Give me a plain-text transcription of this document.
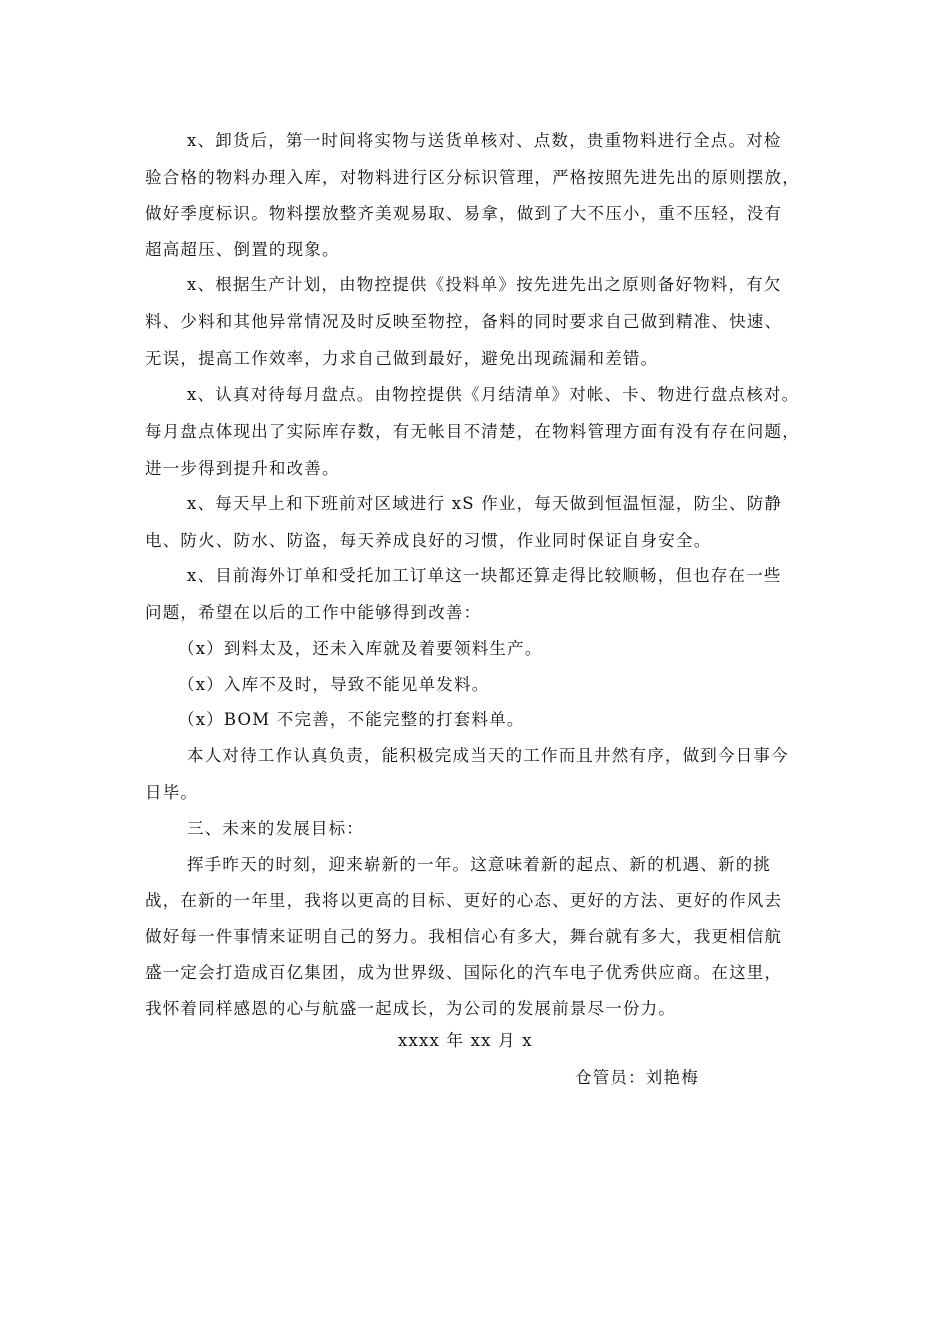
x、卸货后，第一时间将实物与送货单核对、点数，贵重物料进行全点。对检
验合格的物料办理入库，对物料进行区分标识管理，严格按照先进先出的原则摆放，
做好季度标识。物料摆放整齐美观易取、易拿，做到了大不压小，重不压轻，没有
超高超压、倒置的现象。
x、根据生产计划，由物控提供《投料单》按先进先出之原则备好物料，有欠
料、少料和其他异常情况及时反映至物控，备料的同时要求自己做到精准、快速、
无误，提高工作效率，力求自己做到最好，避免出现疏漏和差错。
x、认真对待每月盘点。由物控提供《月结清单》对帐、卡、物进行盘点核对。
每月盘点体现出了实际库存数，有无帐目不清楚，在物料管理方面有没有存在问题，
进一步得到提升和改善。
x、每天早上和下班前对区域进行 xS 作业，每天做到恒温恒湿，防尘、防静
电、防火、防水、防盗，每天养成良好的习惯，作业同时保证自身安全。
x、目前海外订单和受托加工订单这一块都还算走得比较顺畅，但也存在一些
问题，希望在以后的工作中能够得到改善：
（x）到料太及，还未入库就及着要领料生产。
（x）入库不及时，导致不能见单发料。
（x）BOM 不完善，不能完整的打套料单。
本人对待工作认真负责，能积极完成当天的工作而且井然有序，做到今日事今
日毕。
三、未来的发展目标：
挥手昨天的时刻，迎来崭新的一年。这意味着新的起点、新的机遇、新的挑
战，在新的一年里，我将以更高的目标、更好的心态、更好的方法、更好的作风去
做好每一件事情来证明自己的努力。我相信心有多大，舞台就有多大，我更相信航
盛一定会打造成百亿集团，成为世界级、国际化的汽车电子优秀供应商。在这里，
我怀着同样感恩的心与航盛一起成长，为公司的发展前景尽一份力。
xxxx 年 xx 月 x
仓管员：刘艳梅
